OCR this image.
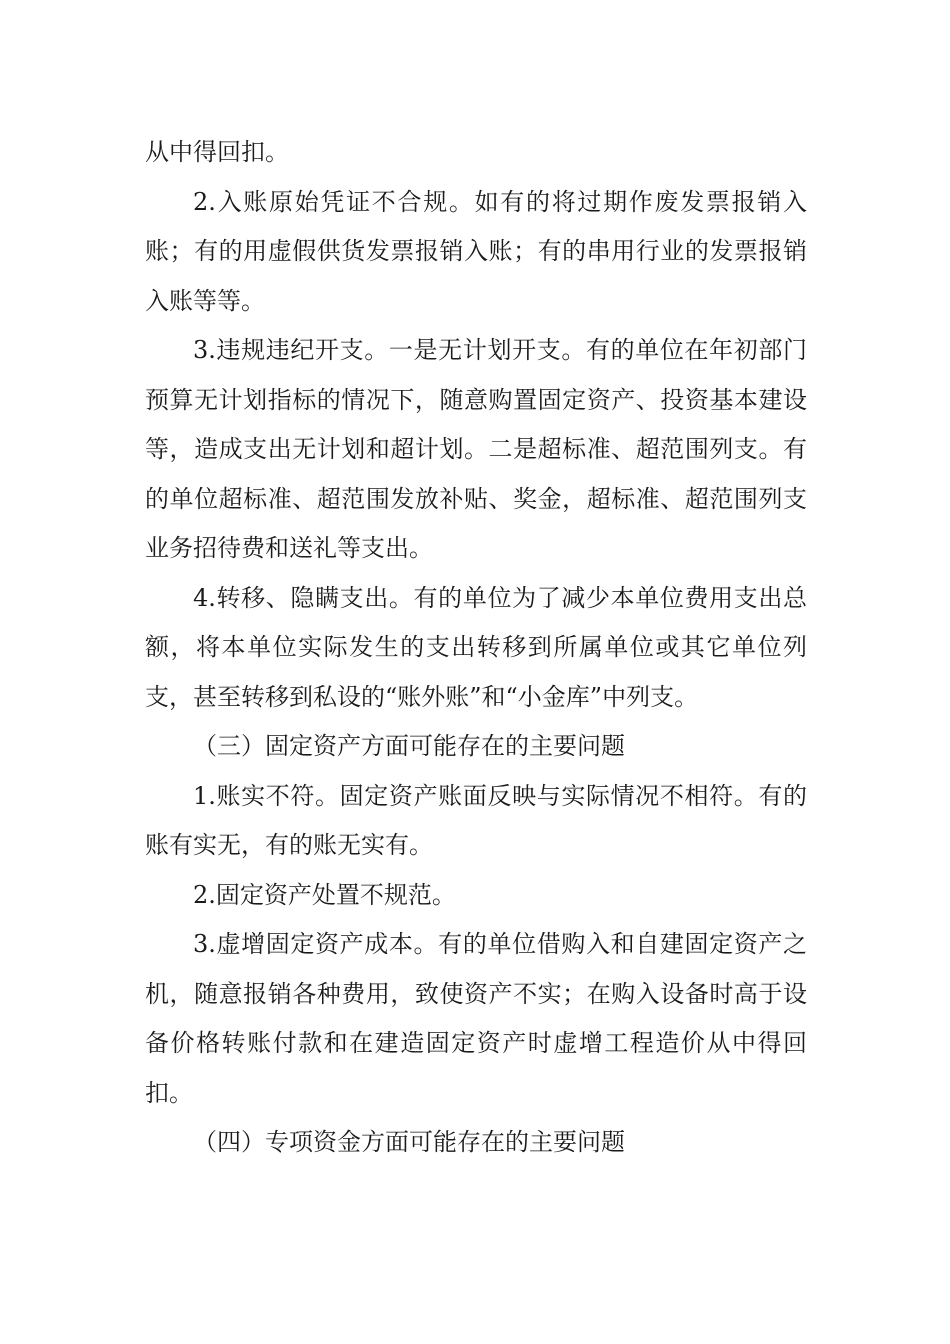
从中得回扣。

2.入账原始凭证不合规。如有的将过期作废发票报销入账；有的用虚假供货发票报销入账；有的串用行业的发票报销入账等等。

3.违规违纪开支。一是无计划开支。有的单位在年初部门预算无计划指标的情况下，随意购置固定资产、投资基本建设等，造成支出无计划和超计划。二是超标准、超范围列支。有的单位超标准、超范围发放补贴、奖金，超标准、超范围列支业务招待费和送礼等支出。

4.转移、隐瞒支出。有的单位为了减少本单位费用支出总额，将本单位实际发生的支出转移到所属单位或其它单位列支，甚至转移到私设的“账外账”和“小金库”中列支。

（三）固定资产方面可能存在的主要问题

1.账实不符。固定资产账面反映与实际情况不相符。有的账有实无，有的账无实有。

2.固定资产处置不规范。

3.虚增固定资产成本。有的单位借购入和自建固定资产之机，随意报销各种费用，致使资产不实；在购入设备时高于设备价格转账付款和在建造固定资产时虚增工程造价从中得回扣。

（四）专项资金方面可能存在的主要问题
